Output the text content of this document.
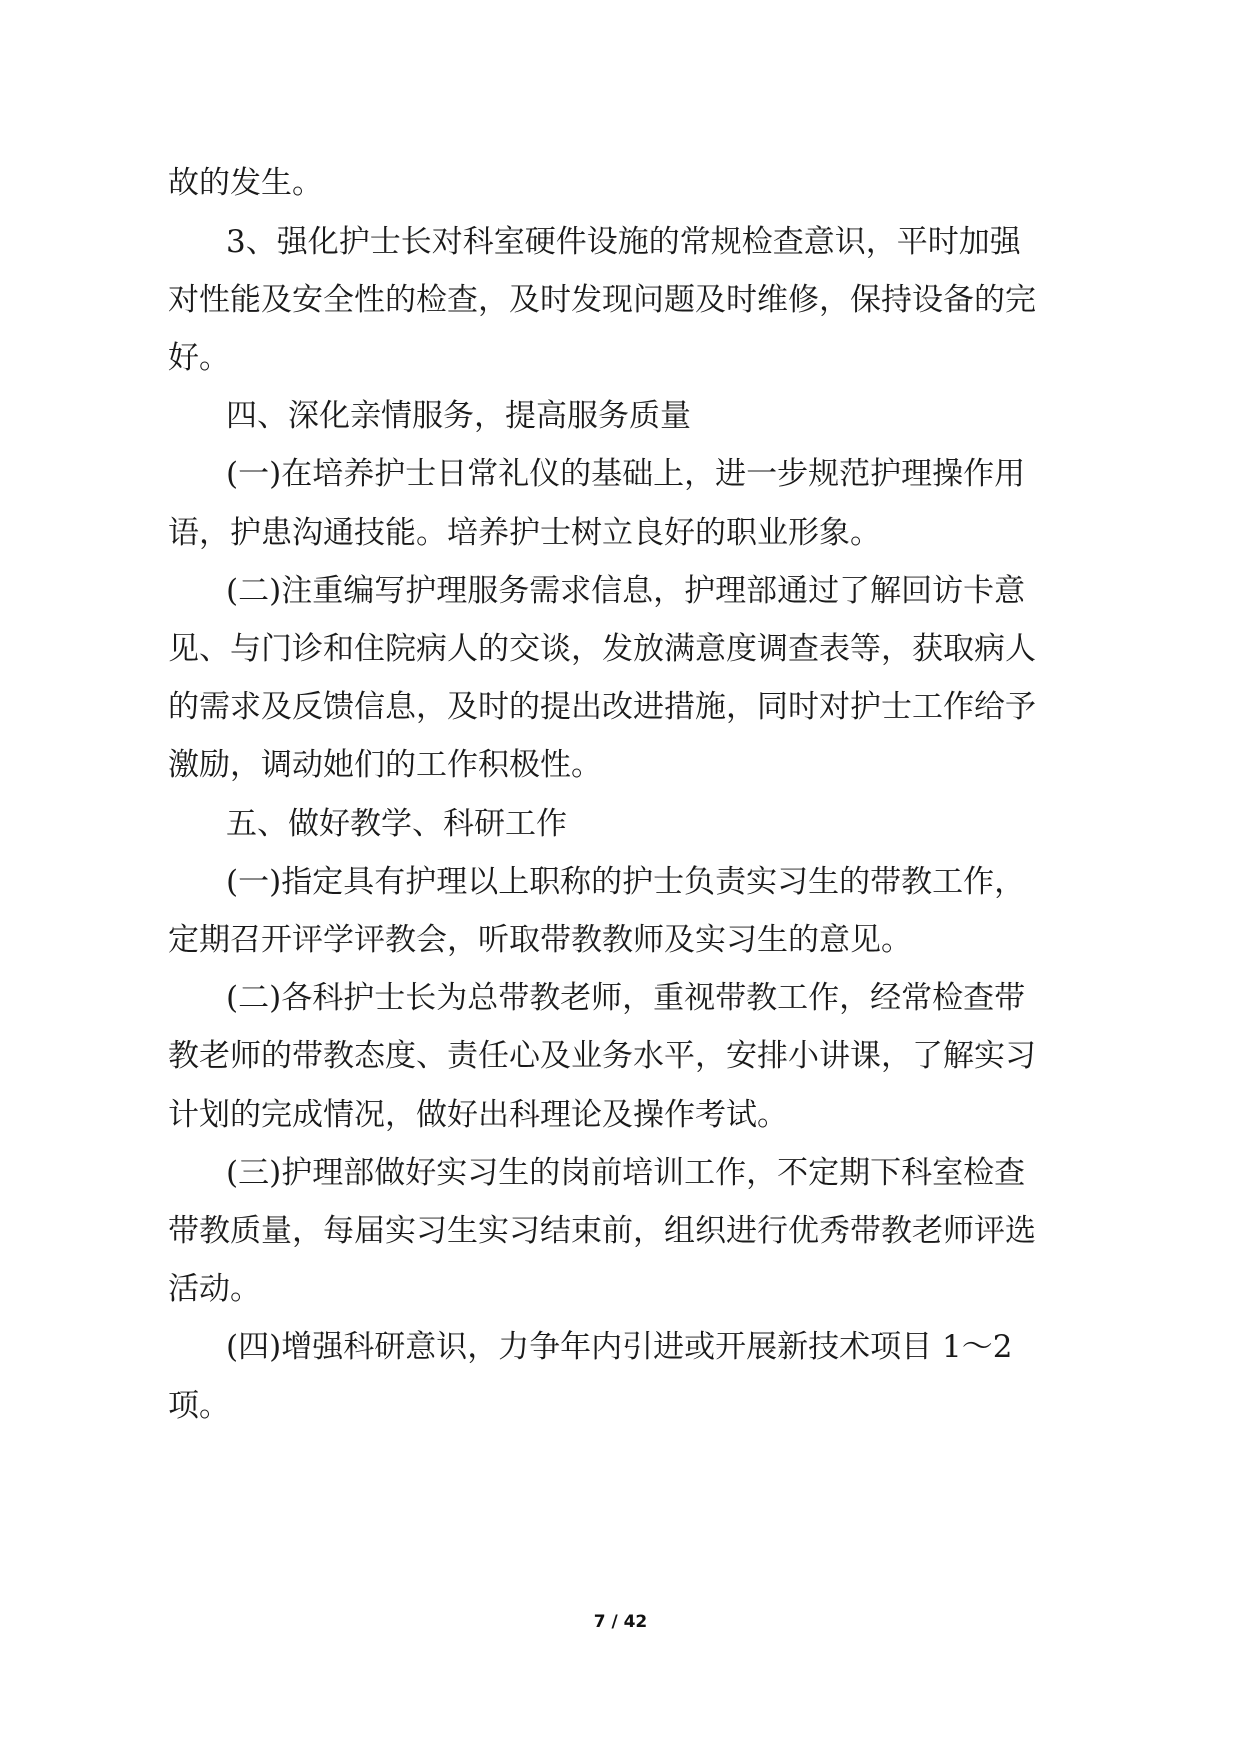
故的发生。
3、强化护士长对科室硬件设施的常规检查意识，平时加强
对性能及安全性的检查，及时发现问题及时维修，保持设备的完
好。
四、深化亲情服务，提高服务质量
(一)在培养护士日常礼仪的基础上，进一步规范护理操作用
语，护患沟通技能。培养护士树立良好的职业形象。
(二)注重编写护理服务需求信息，护理部通过了解回访卡意
见、与门诊和住院病人的交谈，发放满意度调查表等，获取病人
的需求及反馈信息，及时的提出改进措施，同时对护士工作给予
激励，调动她们的工作积极性。
五、做好教学、科研工作
(一)指定具有护理以上职称的护士负责实习生的带教工作，
定期召开评学评教会，听取带教教师及实习生的意见。
(二)各科护士长为总带教老师，重视带教工作，经常检查带
教老师的带教态度、责任心及业务水平，安排小讲课，了解实习
计划的完成情况，做好出科理论及操作考试。
(三)护理部做好实习生的岗前培训工作，不定期下科室检查
带教质量，每届实习生实习结束前，组织进行优秀带教老师评选
活动。
(四)增强科研意识，力争年内引进或开展新技术项目 1～2
项。
7 / 42
